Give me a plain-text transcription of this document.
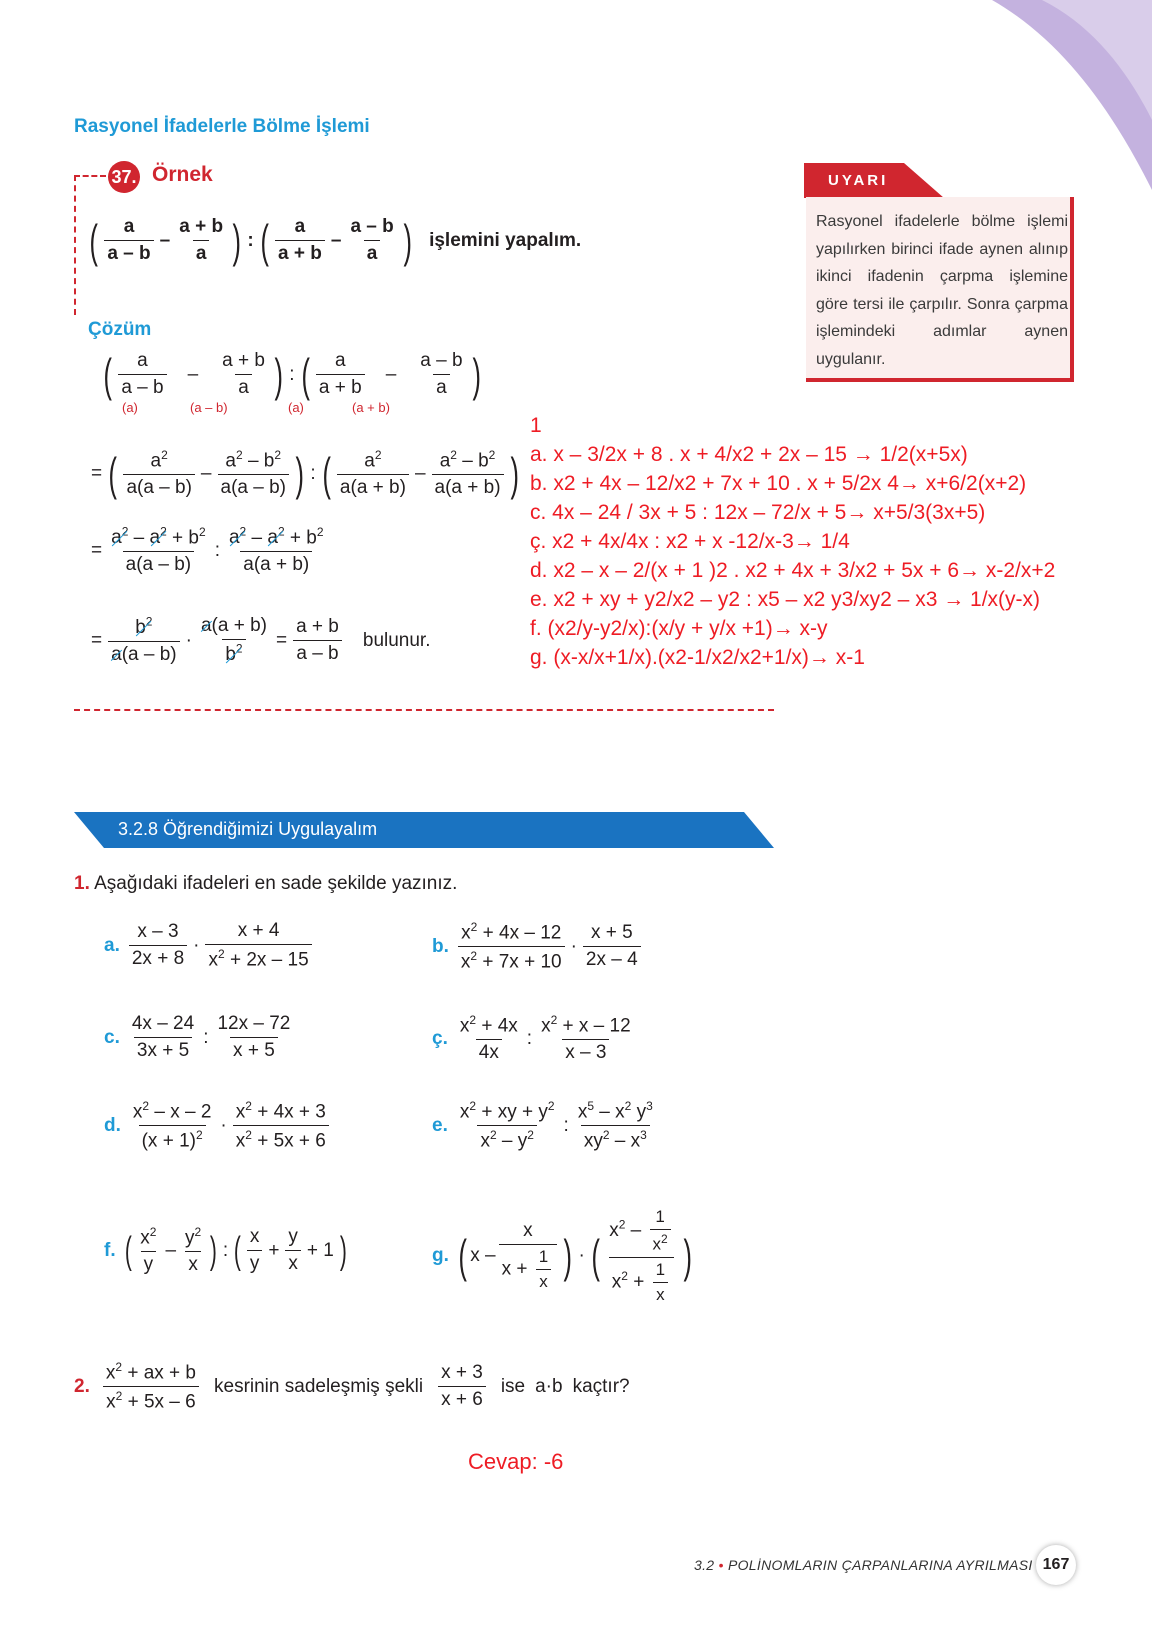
Rasyonel İfadelerle Bölme İşlemi
37. Örnek
( a
a – b
–
a + b
a ) : ( a
a + b
–
a – b
a ) işlemini yapalım.
Çözüm
( a
a – b
–
a + b
a ) : ( a
a + b
–
a – b
a )
(a)	(a – b)	(a)	(a + b)
= ( $a^2$
a(a – b)
–
$a^2 - b^2$
a(a – b) ) : ( $a^2$
a(a + b)
–
$a^2 - b^2$
a(a + b) )
= $\frac{a^2 - a^2 + b^2}{a(a - b)}$ :
$a^2 - a^2 + b^2$
a(a + b)
= $\frac{b^2}{a(a - b)} \cdot \frac{a(a + b)}{b^2} = \frac{a + b}{a - b}$ bulunur.
UYARI
Rasyonel ifadelerle bölme işlemi yapılırken birinci ifade aynen alınıp ikinci ifadenin çarpma işlemine göre tersi ile çarpılır. Sonra çarpma işlemindeki adımlar aynen uygulanır.
1
a. x – 3/2x + 8 . x + 4/x2 + 2x – 15 → 1/2(x+5x)
b. x2 + 4x – 12/x2 + 7x + 10 . x + 5/2x 4→ x+6/2(x+2)
c. 4x – 24 / 3x + 5 : 12x – 72/x + 5→ x+5/3(3x+5)
ç. x2 + 4x/4x : x2 + x -12/x-3→ 1/4
d. x2 – x – 2/(x + 1 )2 . x2 + 4x + 3/x2 + 5x + 6→ x-2/x+2
e. x2 + xy + y2/x2 – y2 : x5 – x2 y3/xy2 – x3 → 1/x(y-x)
f. (x2/y-y2/x):(x/y + y/x +1)→ x-y
g. (x-x/x+1/x).(x2-1/x2/x2+1/x)→ x-1
3.2.8 Öğrendiğimizi Uygulayalım
1. Aşağıdaki ifadeleri en sade şekilde yazınız.
a.
x – 3
2x + 8
·
x + 4
$x^2 + 2x - 15$
b.
$x^2 + 4x - 12$
$x^2 + 7x + 10$
·
x + 5
2x – 4
c.
4x – 24
3x + 5
:
12x – 72
x + 5
ç.
$x^2 + 4x$
4x
:
$x^2 + x - 12$
x – 3
d.
$x^2$ – x – 2
$(x + 1)^2$ ·
$x^2 + 4x + 3$
$x^2 + 5x + 6$
e.
$x^2$ + xy + $y^2$
$x^2 - y^2$ :
$x^5 - x^2$ $y^3$
$xy^2 - x^3$
f. ( $x^2$
y
–
$y^2$
x ) : ( x
y
+ $\frac{y}{x} + 1$ )	g. ( x –
x
$x + \frac{1}{x}$ ) · ( $x^2 - \frac{1}{x^2}$
$x^2 + \frac{1}{x}$
)
2.
$x^2$ + ax + b
$x^2 + 5x - 6$
kesrinin sadeleşmiş şekli
x + 3
x + 6
ise a·b kaçtır?
Cevap: -6
3.2 • POLİNOMLARIN ÇARPANLARINA AYRILMASI 167
